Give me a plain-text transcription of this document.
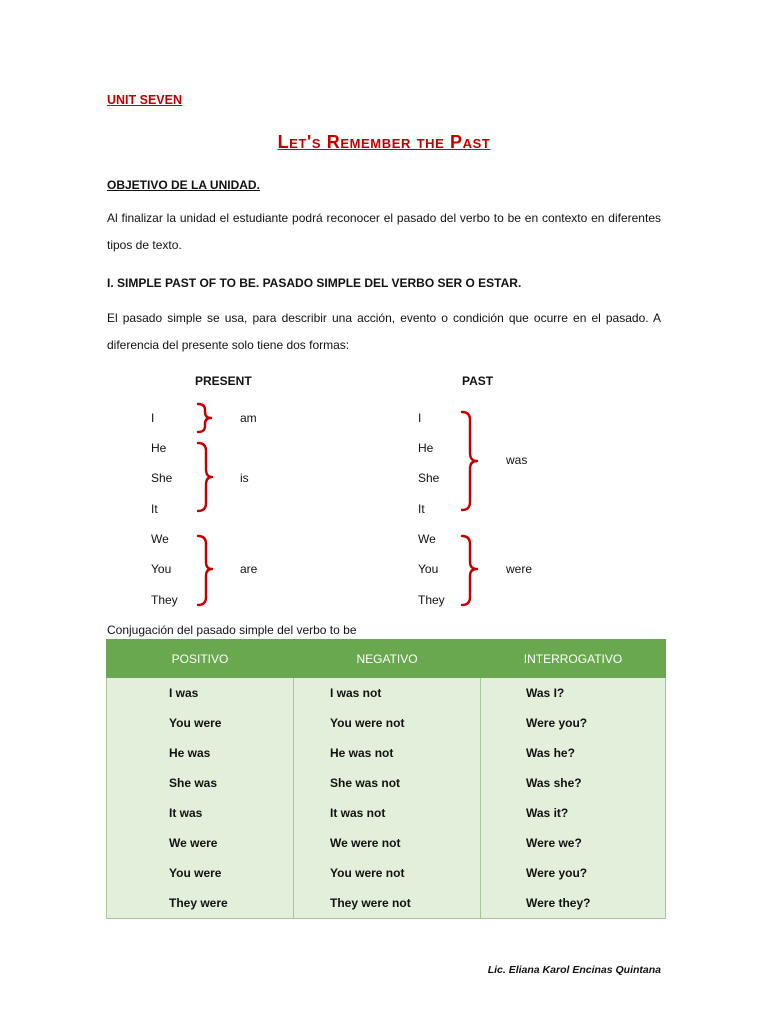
UNIT SEVEN
Let's Remember the Past
OBJETIVO DE LA UNIDAD.
Al finalizar la unidad el estudiante podrá reconocer el pasado del verbo to be en contexto en diferentes tipos de texto.
I. SIMPLE PAST OF TO BE. PASADO SIMPLE DEL VERBO SER O ESTAR.
El pasado simple se usa, para describir una acción, evento o condición que ocurre en el pasado. A diferencia del presente solo tiene dos formas:
PRESENT
I
He
She
It
We
You
They
am
is
are
PAST
I
He
She
It
We
You
They
was
were
Conjugación del pasado simple del verbo to be
POSITIVO	NEGATIVO	INTERROGATIVO
I was	I was not	Was I?
You were	You were not	Were you?
He was	He was not	Was he?
She was	She was not	Was she?
It was	It was not	Was it?
We were	We were not	Were we?
You were	You were not	Were you?
They were	They were not	Were they?
Lic. Eliana Karol Encinas Quintana
